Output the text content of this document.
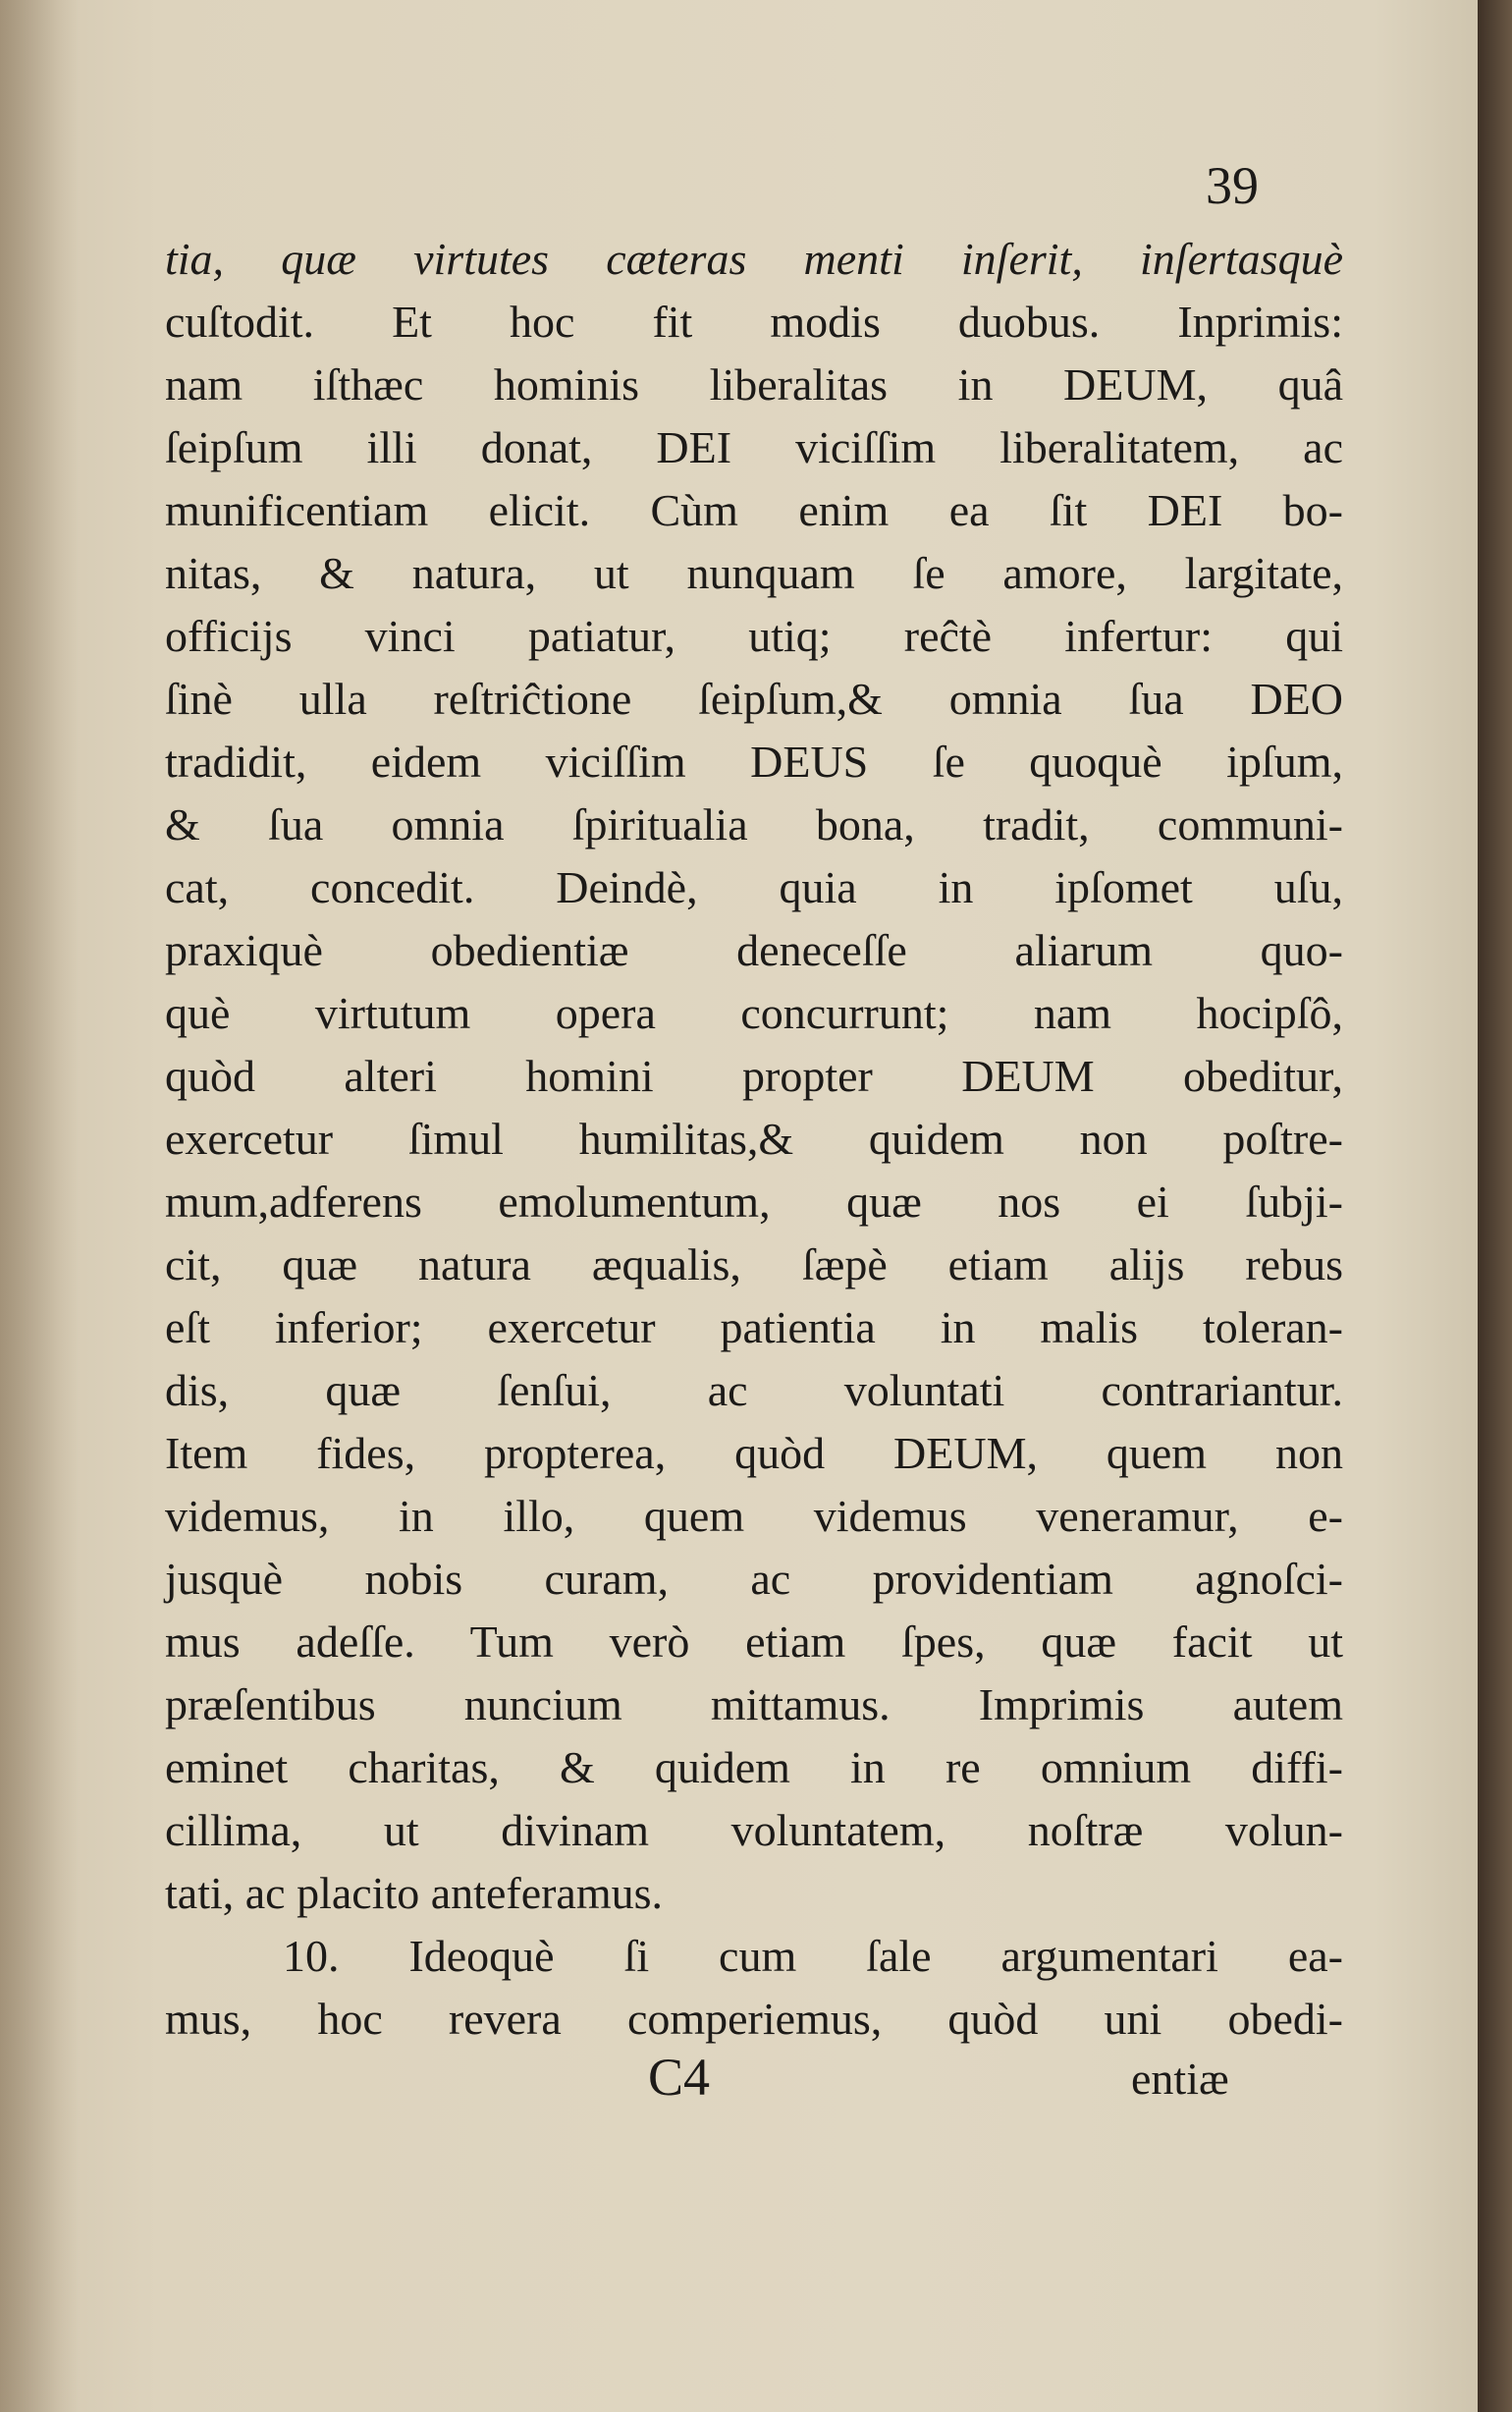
39
tia, quæ virtutes cæteras menti inſerit, inſertasquè
cuſtodit. Et hoc fit modis duobus. Inprimis:
nam iſthæc hominis liberalitas in DEUM, quâ
ſeipſum illi donat, DEI viciſſim liberalitatem, ac
munificentiam elicit. Cùm enim ea ſit DEI bo-
nitas, & natura, ut nunquam ſe amore, largitate,
officijs vinci patiatur, utiq; reĉtè infertur: qui
ſinè ulla reſtriĉtione ſeipſum,& omnia ſua DEO
tradidit, eidem viciſſim DEUS ſe quoquè ipſum,
& ſua omnia ſpiritualia bona, tradit, communi-
cat, concedit. Deindè, quia in ipſomet uſu,
praxiquè obedientiæ deneceſſe aliarum quo-
què virtutum opera concurrunt; nam hocipſô,
quòd alteri homini propter DEUM obeditur,
exercetur ſimul humilitas,& quidem non poſtre-
mum,adferens emolumentum, quæ nos ei ſubji-
cit, quæ natura æqualis, ſæpè etiam alijs rebus
eſt inferior; exercetur patientia in malis toleran-
dis, quæ ſenſui, ac voluntati contrariantur.
Item fides, propterea, quòd DEUM, quem non
videmus, in illo, quem videmus veneramur, e-
jusquè nobis curam, ac providentiam agnoſci-
mus adeſſe. Tum verò etiam ſpes, quæ facit ut
præſentibus nuncium mittamus. Imprimis autem
eminet charitas, & quidem in re omnium diffi-
cillima, ut divinam voluntatem, noſtræ volun-
tati, ac placito anteferamus.
10. Ideoquè ſi cum ſale argumentari ea-
mus, hoc revera comperiemus, quòd uni obedi-
C4	entiæ
